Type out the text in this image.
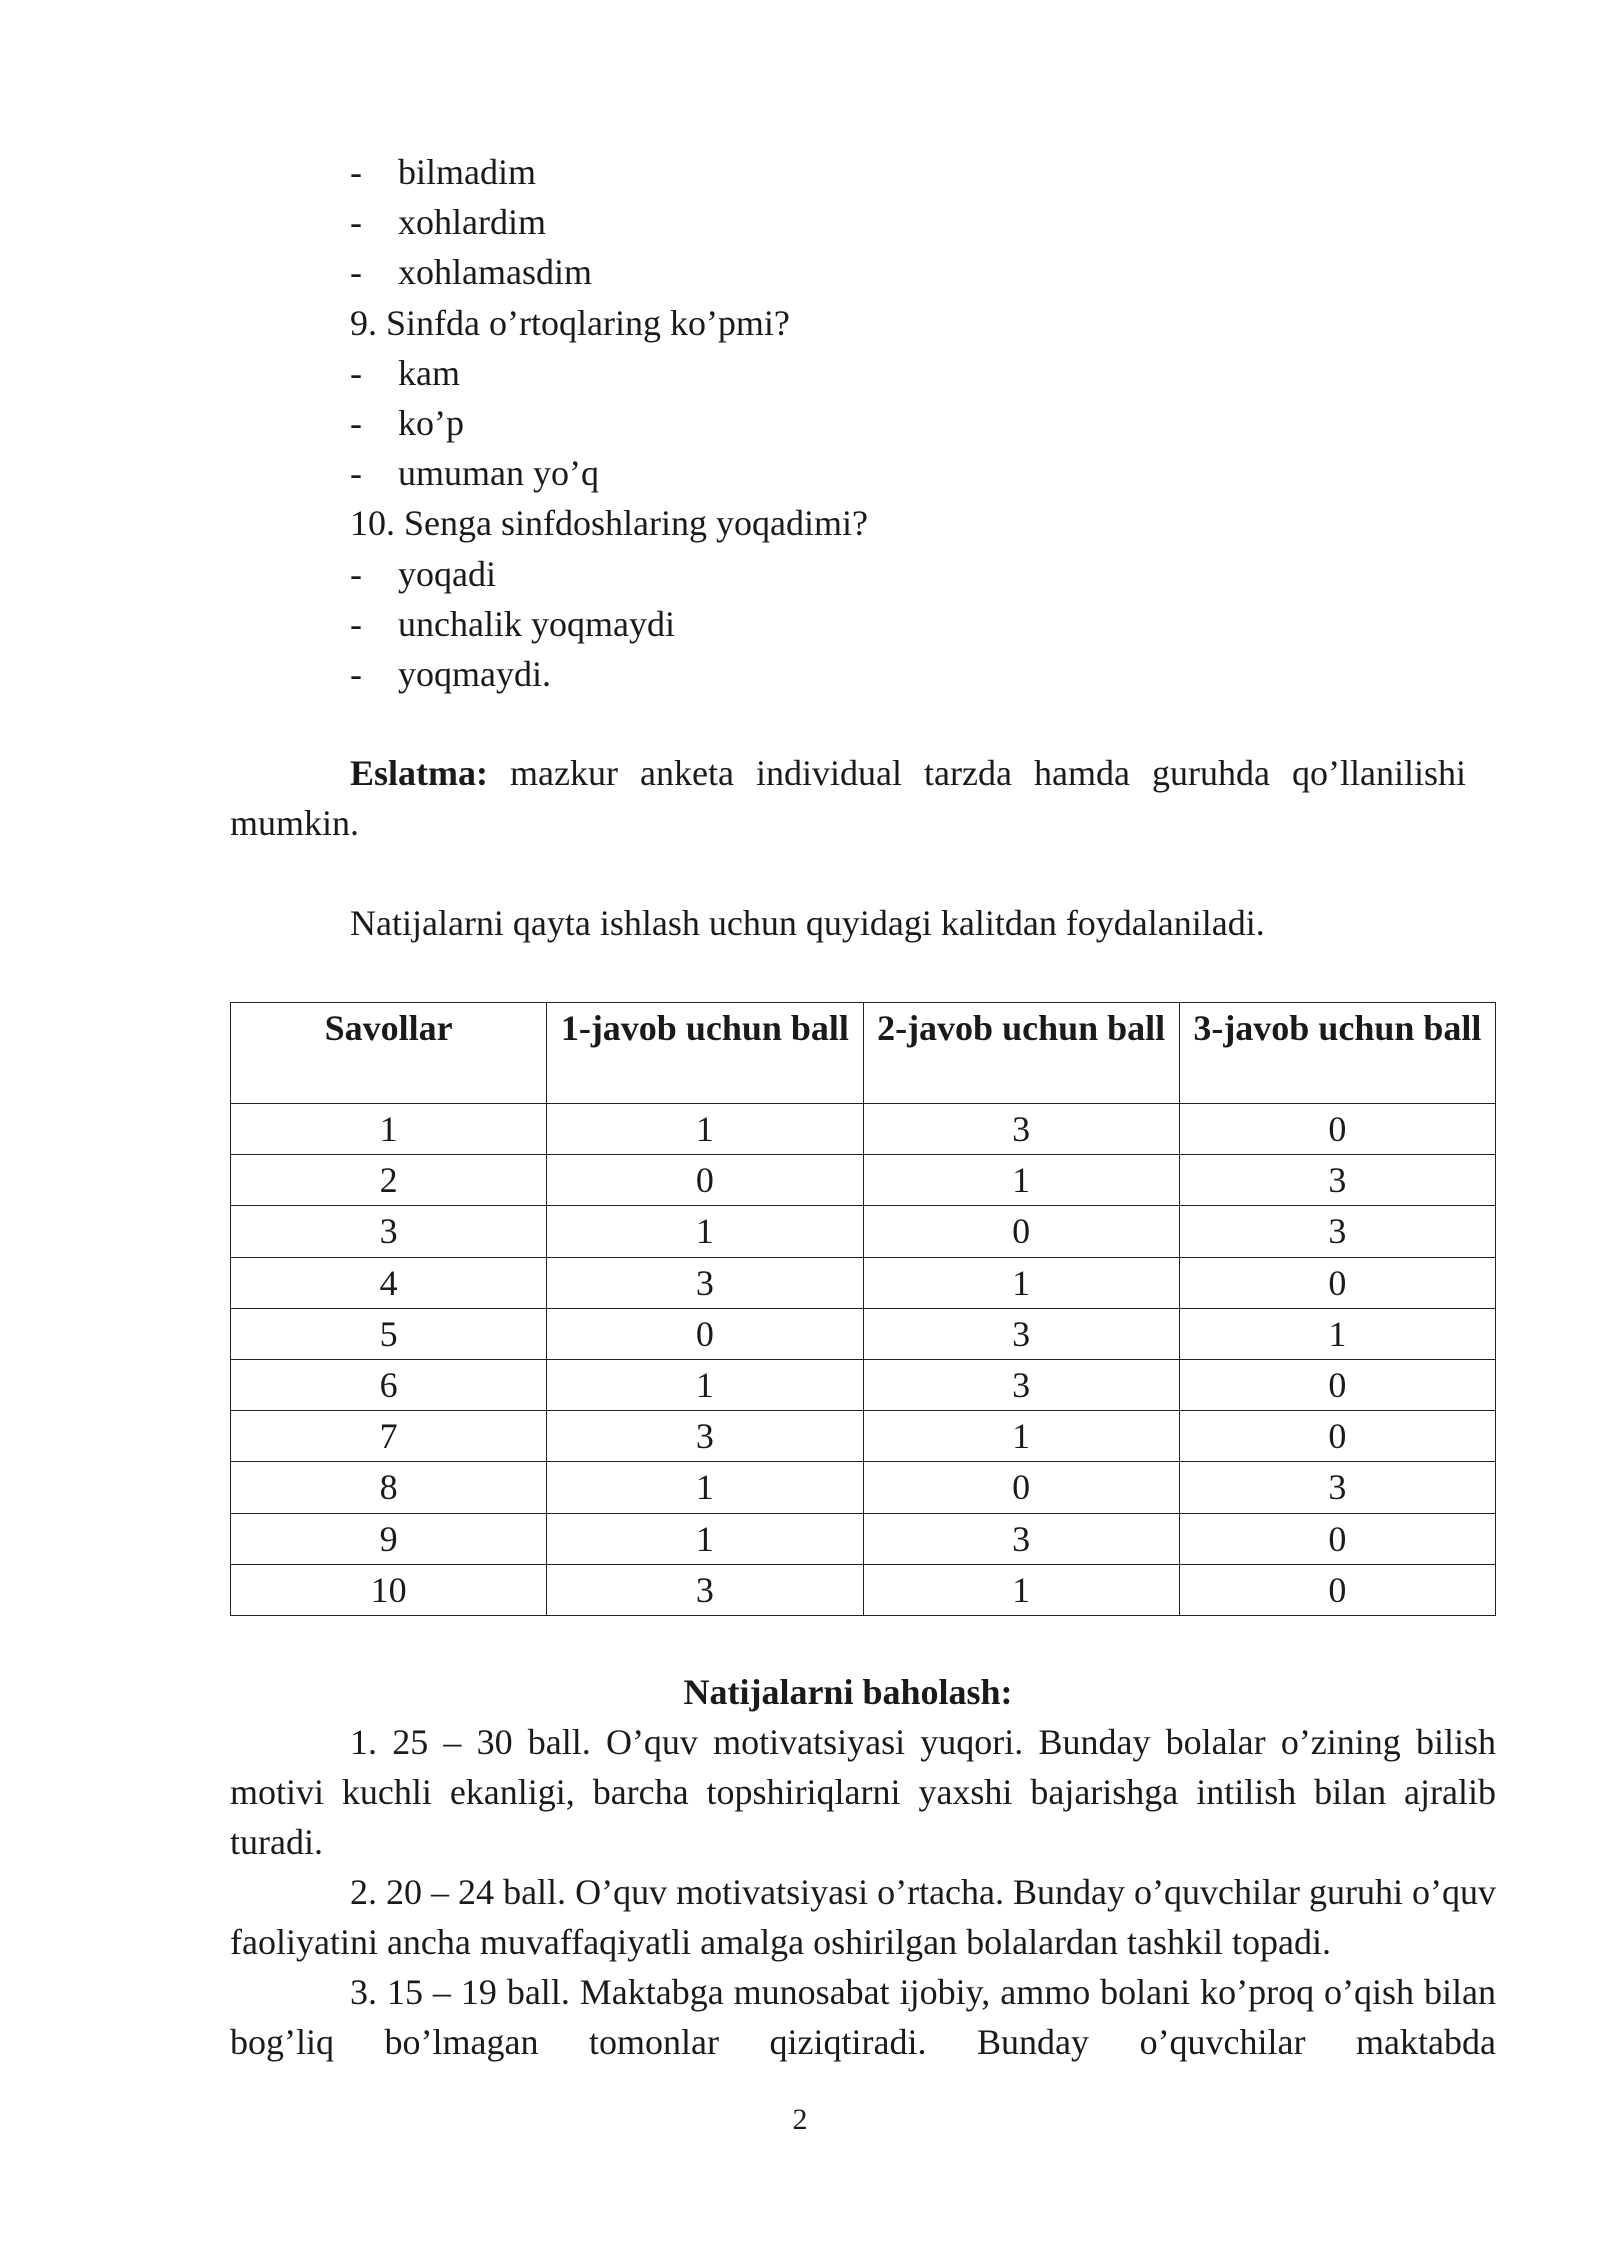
- bilmadim
- xohlardim
- xohlamasdim
9. Sinfda o’rtoqlaring ko’pmi?
- kam
- ko’p
- umuman yo’q
10. Senga sinfdoshlaring yoqadimi?
- yoqadi
- unchalik yoqmaydi
- yoqmaydi.
Eslatma: mazkur anketa individual tarzda hamda guruhda qo’llanilishi mumkin.
Natijalarni qayta ishlash uchun quyidagi kalitdan foydalaniladi.
Savollar	1-javob uchun ball	2-javob uchun ball	3-javob uchun ball
1	1	3	0
2	0	1	3
3	1	0	3
4	3	1	0
5	0	3	1
6	1	3	0
7	3	1	0
8	1	0	3
9	1	3	0
10	3	1	0
Natijalarni baholash:

1. 25 – 30 ball. O’quv motivatsiyasi yuqori. Bunday bolalar o’zining bilish motivi kuchli ekanligi, barcha topshiriqlarni yaxshi bajarishga intilish bilan ajralib turadi.

2. 20 – 24 ball. O’quv motivatsiyasi o’rtacha. Bunday o’quvchilar guruhi o’quv faoliyatini ancha muvaffaqiyatli amalga oshirilgan bolalardan tashkil topadi.

3. 15 – 19 ball. Maktabga munosabat ijobiy, ammo bolani ko’proq o’qish bilan bog’liq bo’lmagan tomonlar qiziqtiradi. Bunday o’quvchilar maktabda

2
